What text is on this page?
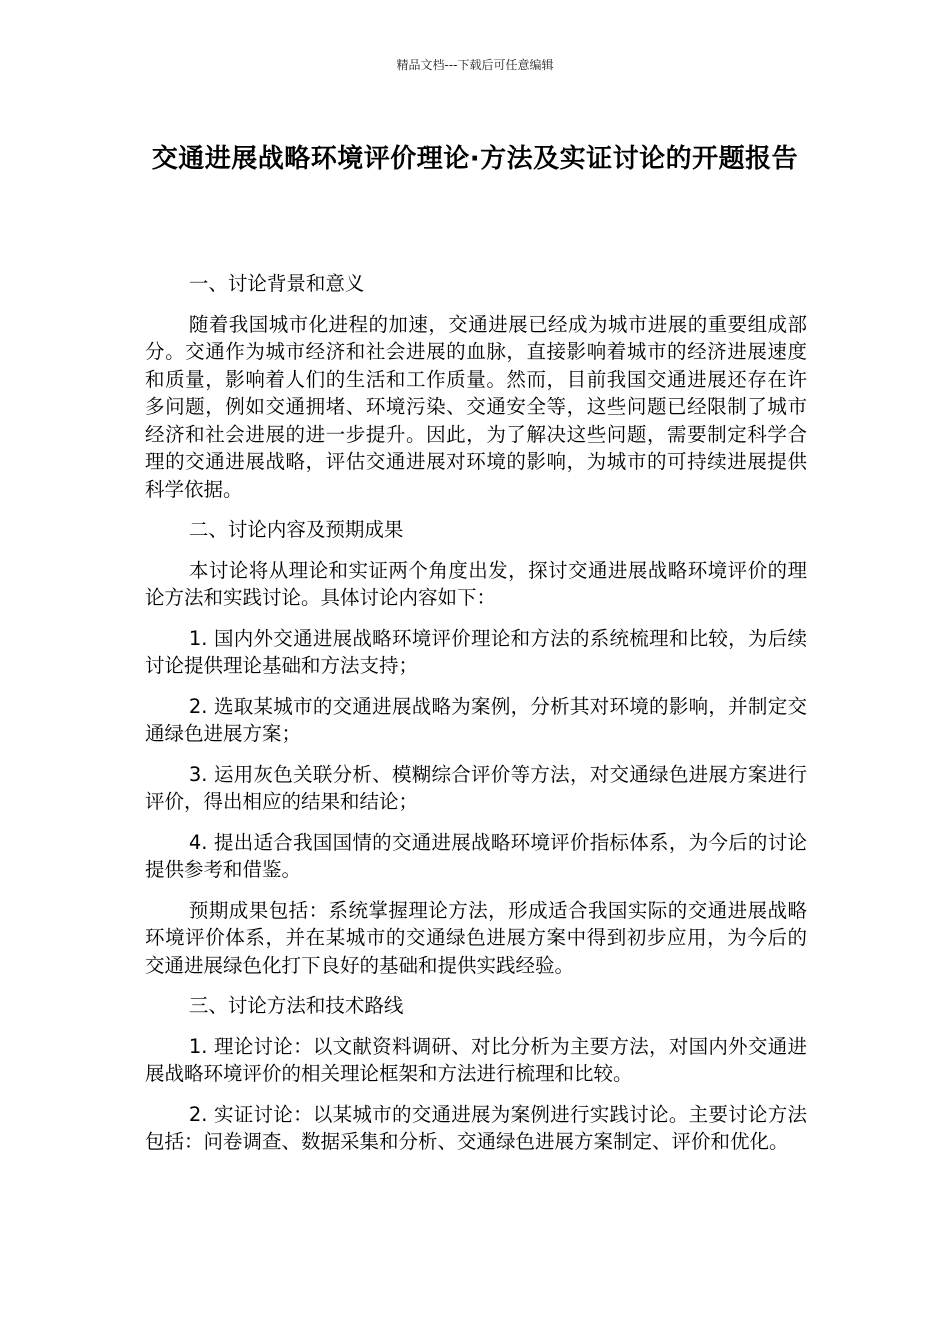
精品文档---下载后可任意编辑
交通进展战略环境评价理论·方法及实证讨论的开题报告

一、讨论背景和意义

随着我国城市化进程的加速，交通进展已经成为城市进展的重要组成部分。交通作为城市经济和社会进展的血脉，直接影响着城市的经济进展速度和质量，影响着人们的生活和工作质量。然而，目前我国交通进展还存在许多问题，例如交通拥堵、环境污染、交通安全等，这些问题已经限制了城市经济和社会进展的进一步提升。因此，为了解决这些问题，需要制定科学合理的交通进展战略，评估交通进展对环境的影响，为城市的可持续进展提供科学依据。

二、讨论内容及预期成果

本讨论将从理论和实证两个角度出发，探讨交通进展战略环境评价的理论方法和实践讨论。具体讨论内容如下：

1. 国内外交通进展战略环境评价理论和方法的系统梳理和比较，为后续讨论提供理论基础和方法支持；

2. 选取某城市的交通进展战略为案例，分析其对环境的影响，并制定交通绿色进展方案；

3. 运用灰色关联分析、模糊综合评价等方法，对交通绿色进展方案进行评价，得出相应的结果和结论；

4. 提出适合我国国情的交通进展战略环境评价指标体系，为今后的讨论提供参考和借鉴。

预期成果包括：系统掌握理论方法，形成适合我国实际的交通进展战略环境评价体系，并在某城市的交通绿色进展方案中得到初步应用，为今后的交通进展绿色化打下良好的基础和提供实践经验。

三、讨论方法和技术路线

1. 理论讨论：以文献资料调研、对比分析为主要方法，对国内外交通进展战略环境评价的相关理论框架和方法进行梳理和比较。

2. 实证讨论：以某城市的交通进展为案例进行实践讨论。主要讨论方法包括：问卷调查、数据采集和分析、交通绿色进展方案制定、评价和优化。
